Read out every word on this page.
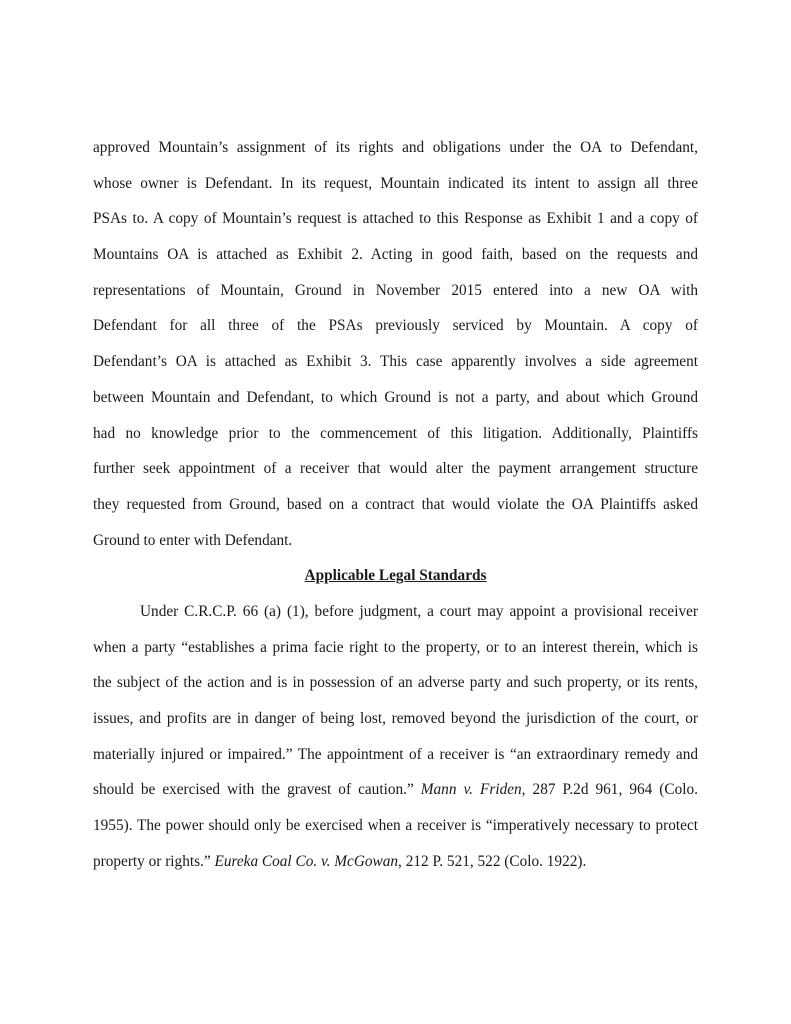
approved Mountain’s assignment of its rights and obligations under the OA to Defendant,
whose owner is Defendant. In its request, Mountain indicated its intent to assign all three
PSAs to. A copy of Mountain’s request is attached to this Response as Exhibit 1 and a copy of
Mountains OA is attached as Exhibit 2. Acting in good faith, based on the requests and
representations of Mountain, Ground in November 2015 entered into a new OA with
Defendant for all three of the PSAs previously serviced by Mountain. A copy of
Defendant’s OA is attached as Exhibit 3. This case apparently involves a side agreement
between Mountain and Defendant, to which Ground is not a party, and about which Ground
had no knowledge prior to the commencement of this litigation. Additionally, Plaintiffs
further seek appointment of a receiver that would alter the payment arrangement structure
they requested from Ground, based on a contract that would violate the OA Plaintiffs asked
Ground to enter with Defendant.
Applicable Legal Standards
Under C.R.C.P. 66 (a) (1), before judgment, a court may appoint a provisional receiver
when a party “establishes a prima facie right to the property, or to an interest therein, which is
the subject of the action and is in possession of an adverse party and such property, or its rents,
issues, and profits are in danger of being lost, removed beyond the jurisdiction of the court, or
materially injured or impaired.” The appointment of a receiver is “an extraordinary remedy and
should be exercised with the gravest of caution.” Mann v. Friden, 287 P.2d 961, 964 (Colo.
1955). The power should only be exercised when a receiver is “imperatively necessary to protect
property or rights.” Eureka Coal Co. v. McGowan, 212 P. 521, 522 (Colo. 1922).
